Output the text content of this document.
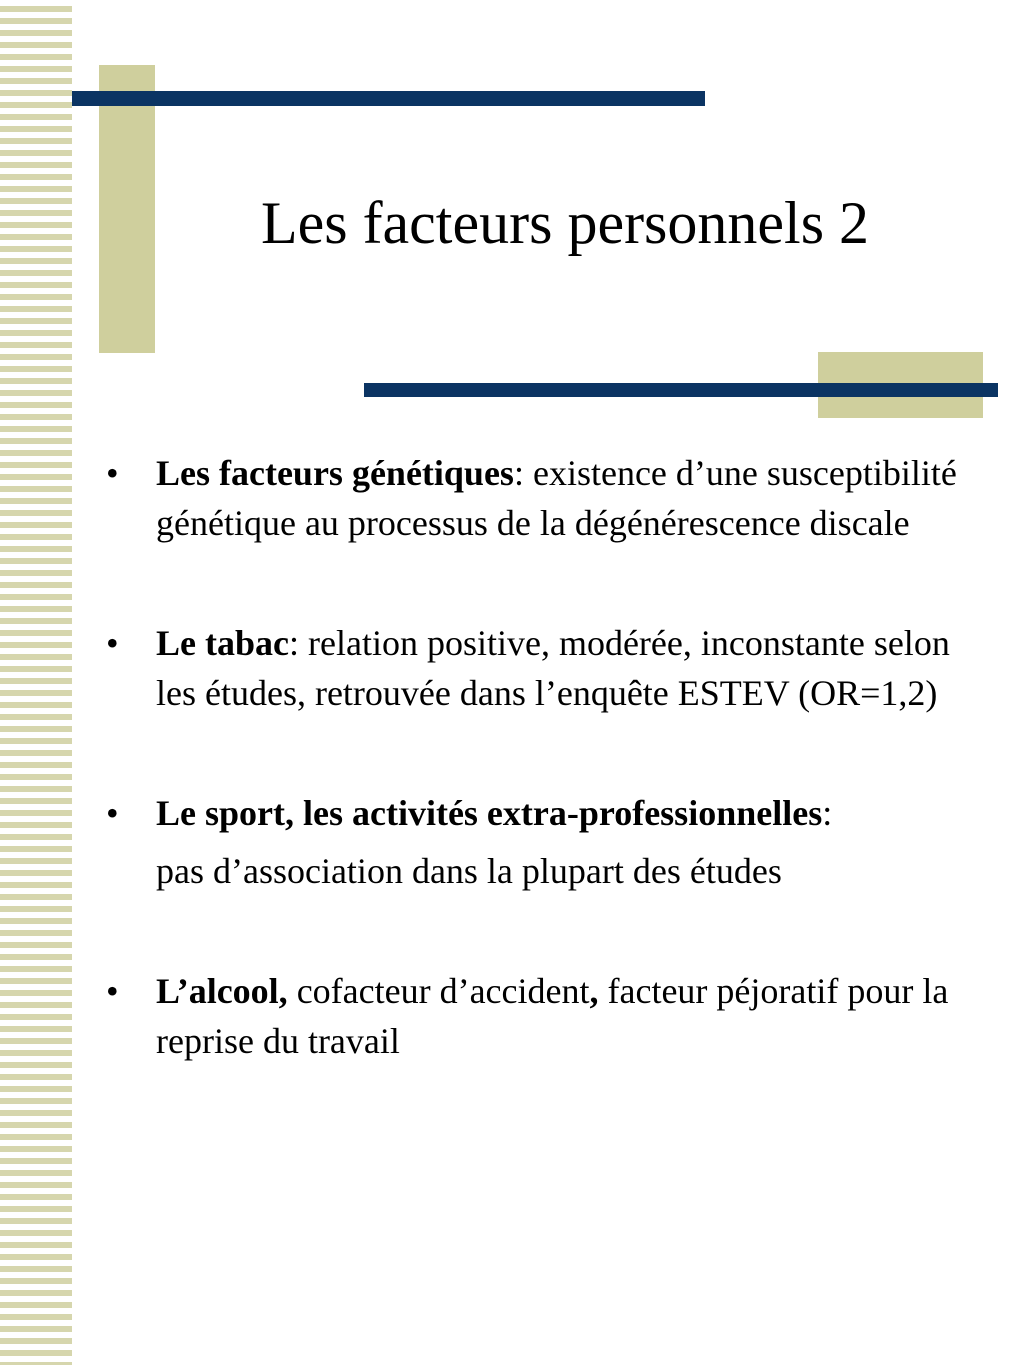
Les facteurs personnels 2
• Les facteurs génétiques: existence d’une susceptibilité génétique au processus de la dégénérescence discale
• Le tabac: relation positive, modérée, inconstante selon les études, retrouvée dans l’enquête ESTEV (OR=1,2)
• Le sport, les activités extra-professionnelles:
pas d’association dans la plupart des études
• L’alcool, cofacteur d’accident, facteur péjoratif pour la reprise du travail
